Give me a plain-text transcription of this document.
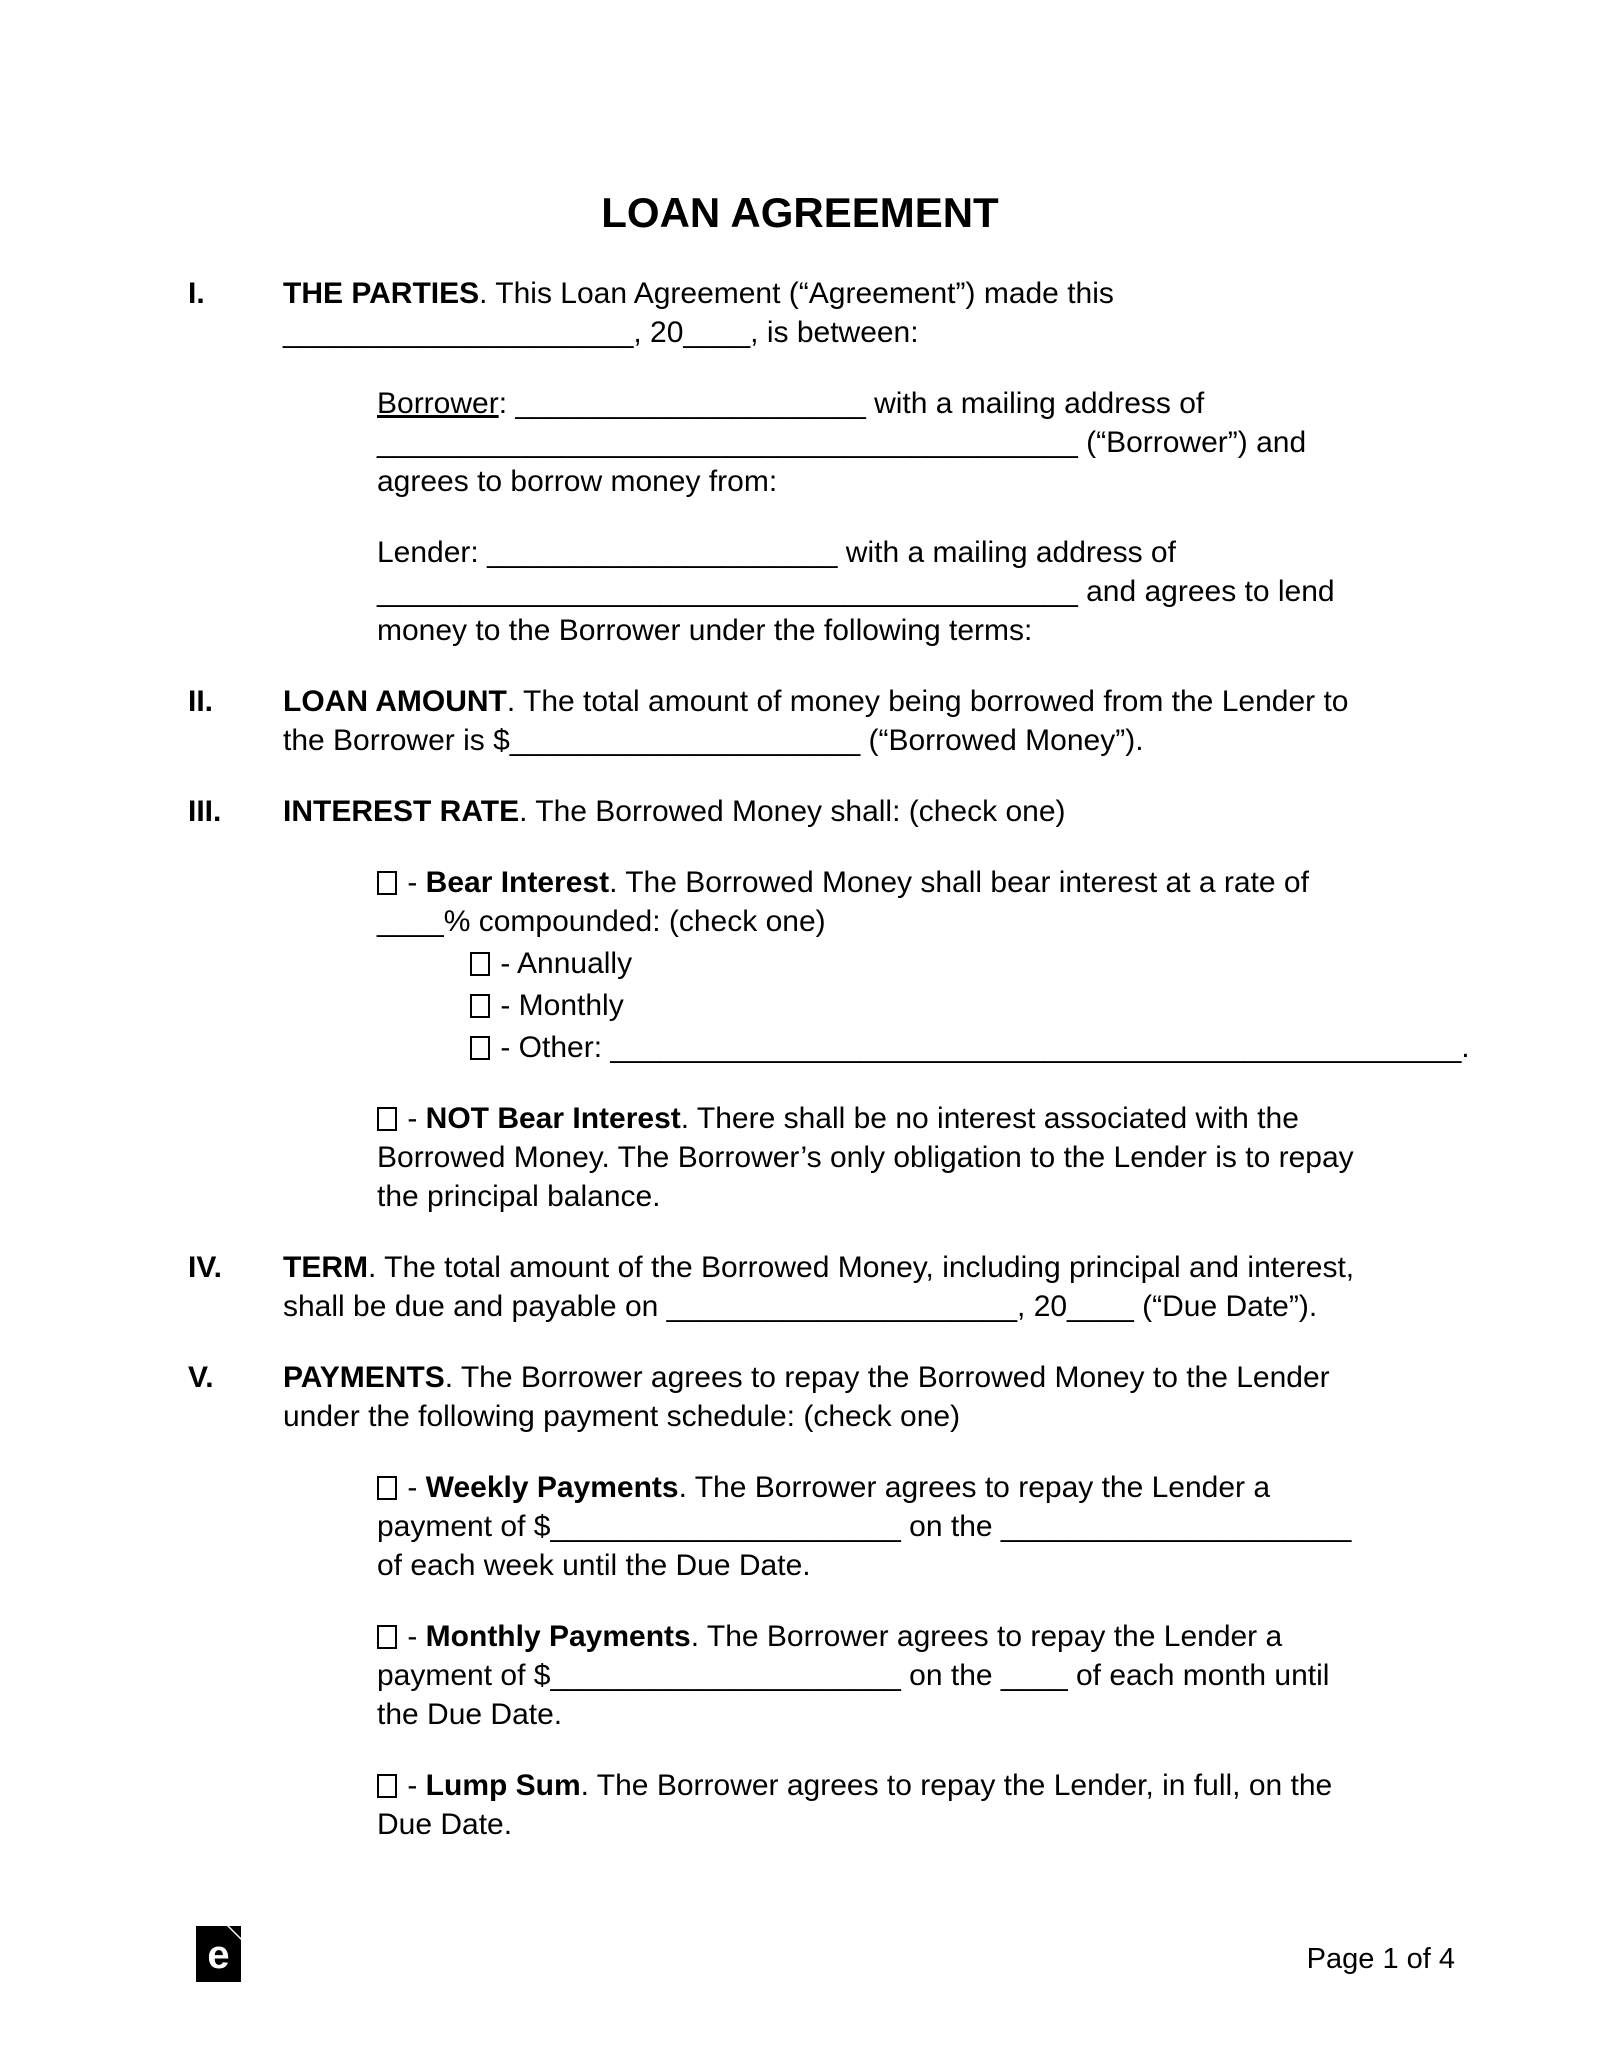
LOAN AGREEMENT
I.	THE PARTIES. This Loan Agreement (“Agreement”) made this
_____________________, 20____, is between:
Borrower: _____________________ with a mailing address of
__________________________________________ (“Borrower”) and
agrees to borrow money from:
Lender: _____________________ with a mailing address of
__________________________________________ and agrees to lend
money to the Borrower under the following terms:
II. LOAN AMOUNT. The total amount of money being borrowed from the Lender to
the Borrower is $_____________________ (“Borrowed Money”).
III. INTEREST RATE. The Borrowed Money shall: (check one)
- Bear Interest. The Borrowed Money shall bear interest at a rate of
____% compounded: (check one)
- Annually
- Monthly
- Other: ___________________________________________________.
- NOT Bear Interest. There shall be no interest associated with the
Borrowed Money. The Borrower’s only obligation to the Lender is to repay
the principal balance.
IV. TERM. The total amount of the Borrowed Money, including principal and interest,
shall be due and payable on _____________________, 20____ (“Due Date”).
V. PAYMENTS. The Borrower agrees to repay the Borrowed Money to the Lender
under the following payment schedule: (check one)
- Weekly Payments. The Borrower agrees to repay the Lender a
payment of $_____________________ on the _____________________
of each week until the Due Date.
- Monthly Payments. The Borrower agrees to repay the Lender a
payment of $_____________________ on the ____ of each month until
the Due Date.
- Lump Sum. The Borrower agrees to repay the Lender, in full, on the
Due Date.
e	Page 1 of 4
